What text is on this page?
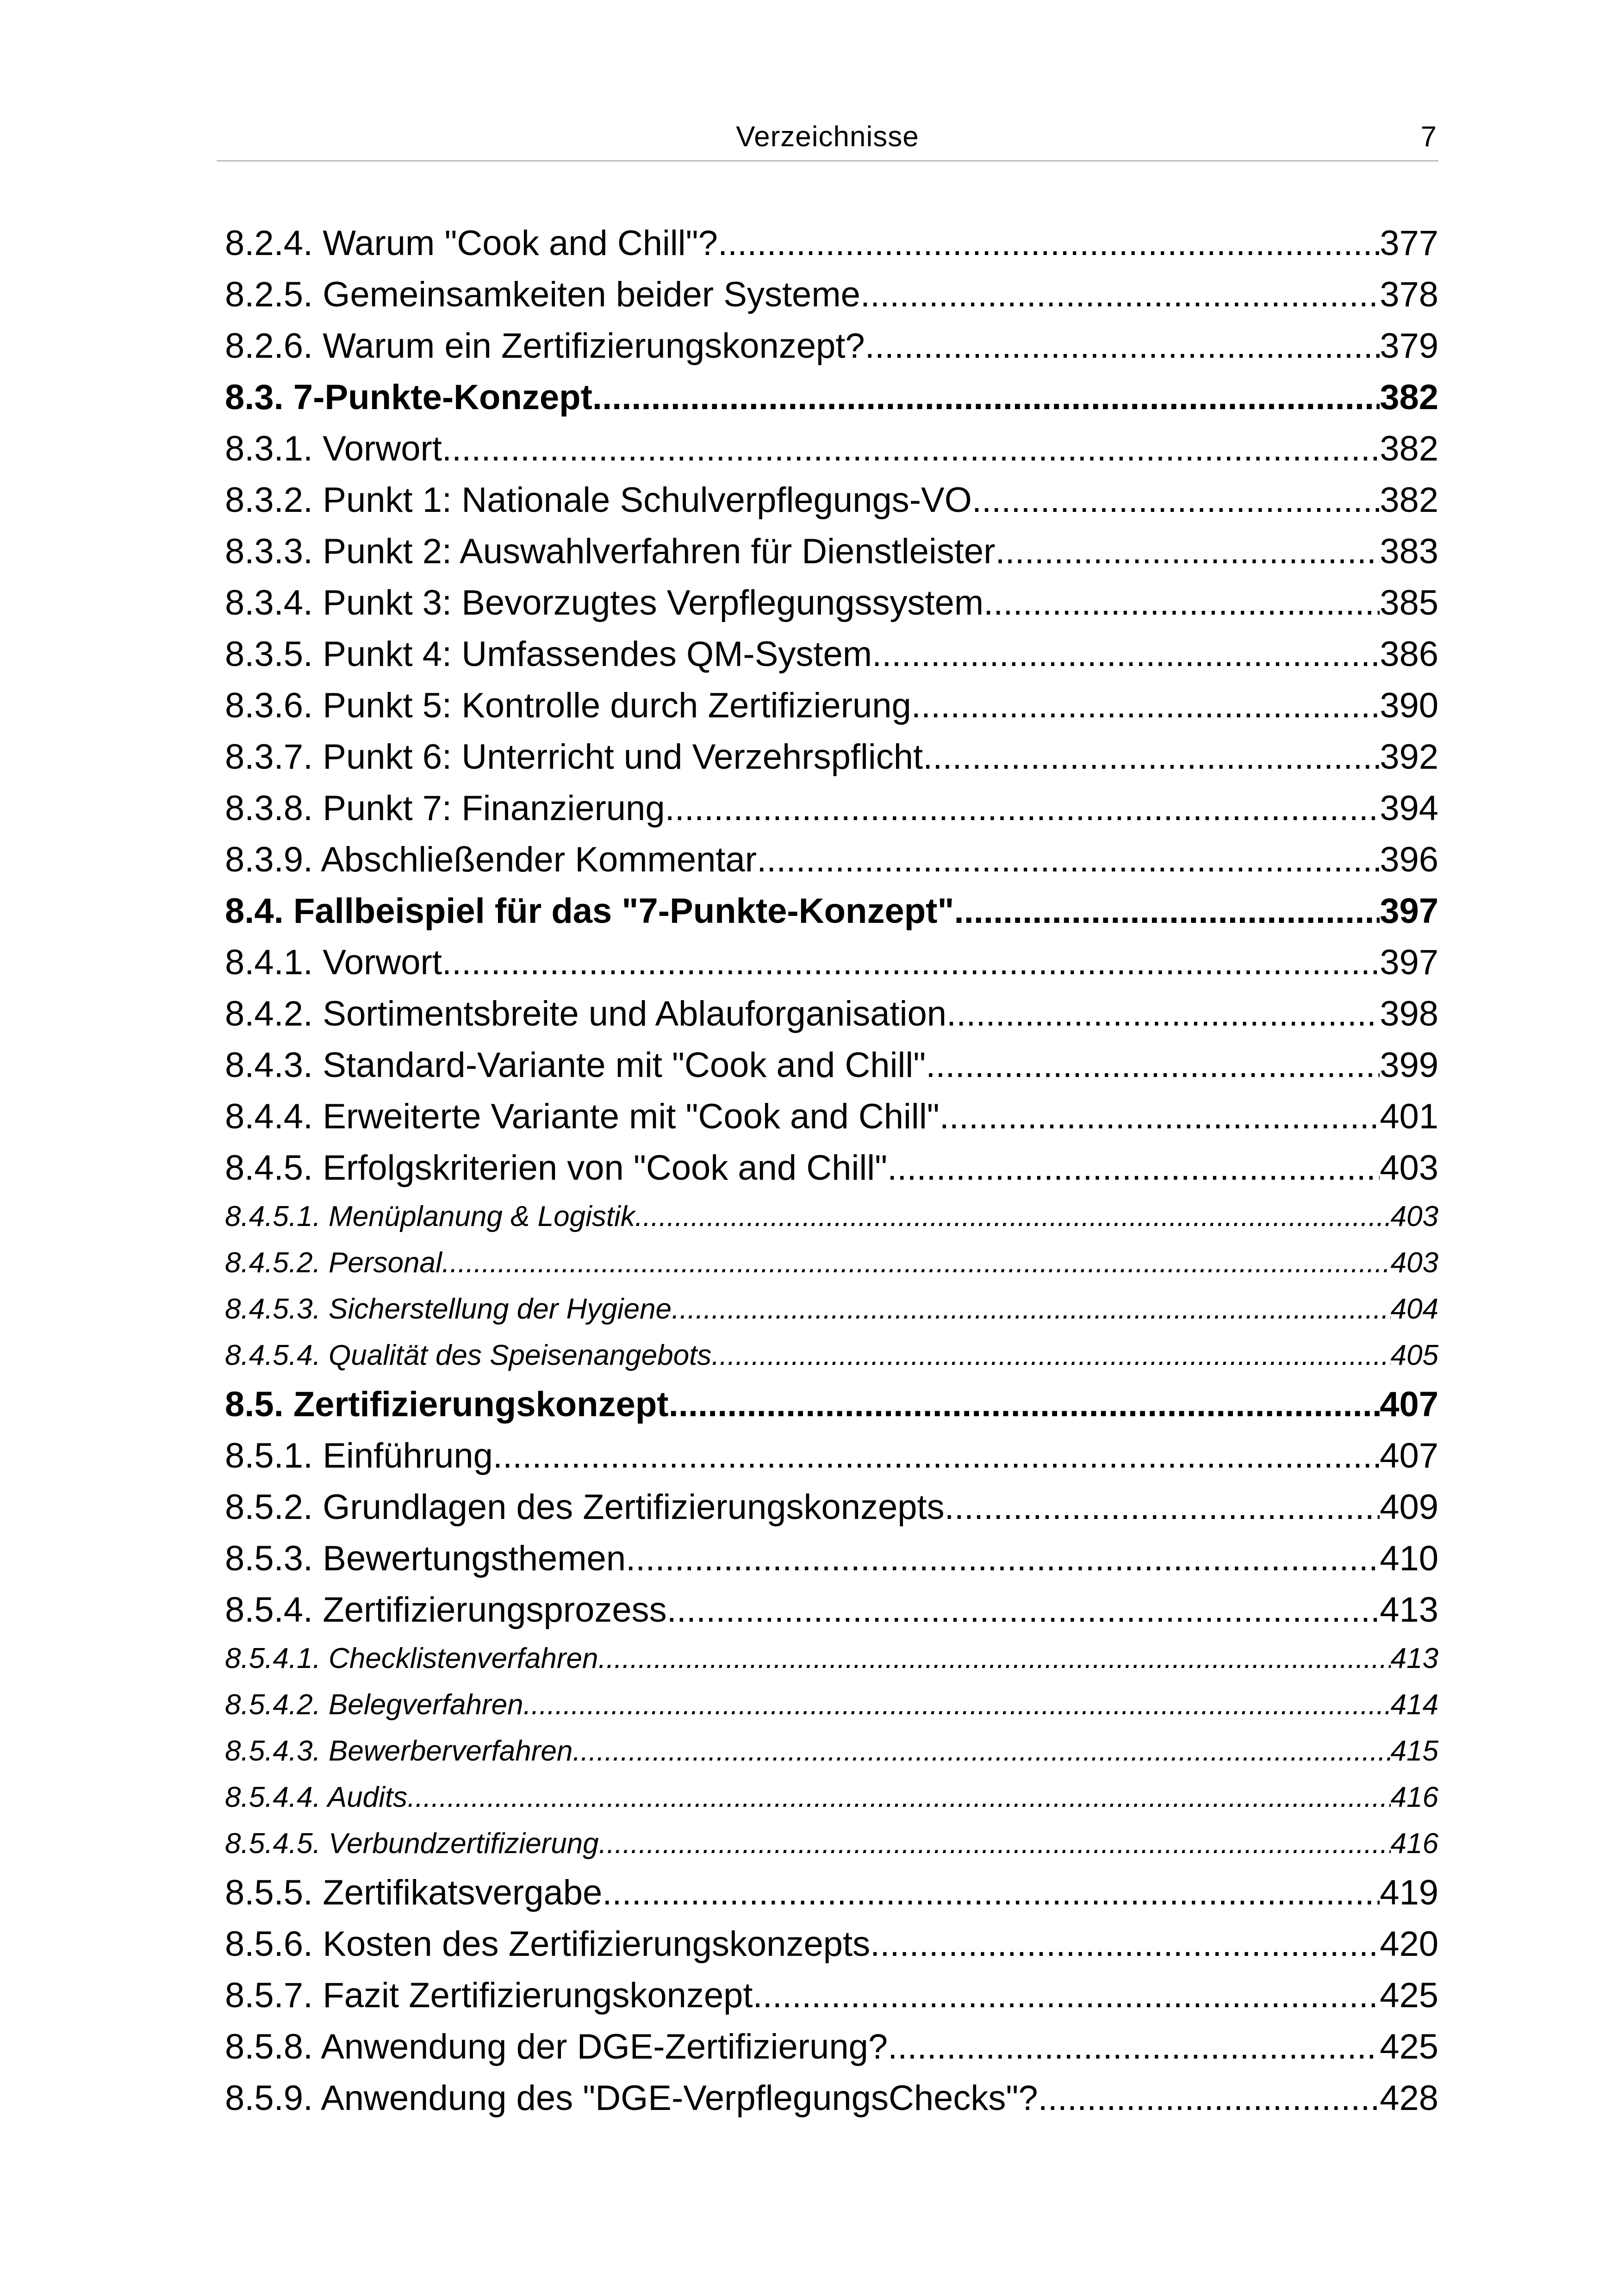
Verzeichnisse	7
8.2.4. Warum "Cook and Chill"? .....	377
8.2.5. Gemeinsamkeiten beider Systeme .....	378
8.2.6. Warum ein Zertifizierungskonzept? .....	379
8.3. 7-Punkte-Konzept .....	382
8.3.1. Vorwort .....	382
8.3.2. Punkt 1: Nationale Schulverpflegungs-VO .....	382
8.3.3. Punkt 2: Auswahlverfahren für Dienstleister .....	383
8.3.4. Punkt 3: Bevorzugtes Verpflegungssystem .....	385
8.3.5. Punkt 4: Umfassendes QM-System .....	386
8.3.6. Punkt 5: Kontrolle durch Zertifizierung .....	390
8.3.7. Punkt 6: Unterricht und Verzehrspflicht .....	392
8.3.8. Punkt 7: Finanzierung .....	394
8.3.9. Abschließender Kommentar .....	396
8.4. Fallbeispiel für das "7-Punkte-Konzept" .....	397
8.4.1. Vorwort .....	397
8.4.2. Sortimentsbreite und Ablauforganisation .....	398
8.4.3. Standard-Variante mit "Cook and Chill" .....	399
8.4.4. Erweiterte Variante mit "Cook and Chill" .....	401
8.4.5. Erfolgskriterien von "Cook and Chill" .....	403
8.4.5.1. Menüplanung & Logistik .....	403
8.4.5.2. Personal .....	403
8.4.5.3. Sicherstellung der Hygiene .....	404
8.4.5.4. Qualität des Speisenangebots .....	405
8.5. Zertifizierungskonzept .....	407
8.5.1. Einführung .....	407
8.5.2. Grundlagen des Zertifizierungskonzepts .....	409
8.5.3. Bewertungsthemen .....	410
8.5.4. Zertifizierungsprozess .....	413
8.5.4.1. Checklistenverfahren .....	413
8.5.4.2. Belegverfahren .....	414
8.5.4.3. Bewerberverfahren .....	415
8.5.4.4. Audits .....	416
8.5.4.5. Verbundzertifizierung .....	416
8.5.5. Zertifikatsvergabe .....	419
8.5.6. Kosten des Zertifizierungskonzepts .....	420
8.5.7. Fazit Zertifizierungskonzept .....	425
8.5.8. Anwendung der DGE-Zertifizierung? .....	425
8.5.9. Anwendung des "DGE-VerpflegungsChecks"? .....	428
